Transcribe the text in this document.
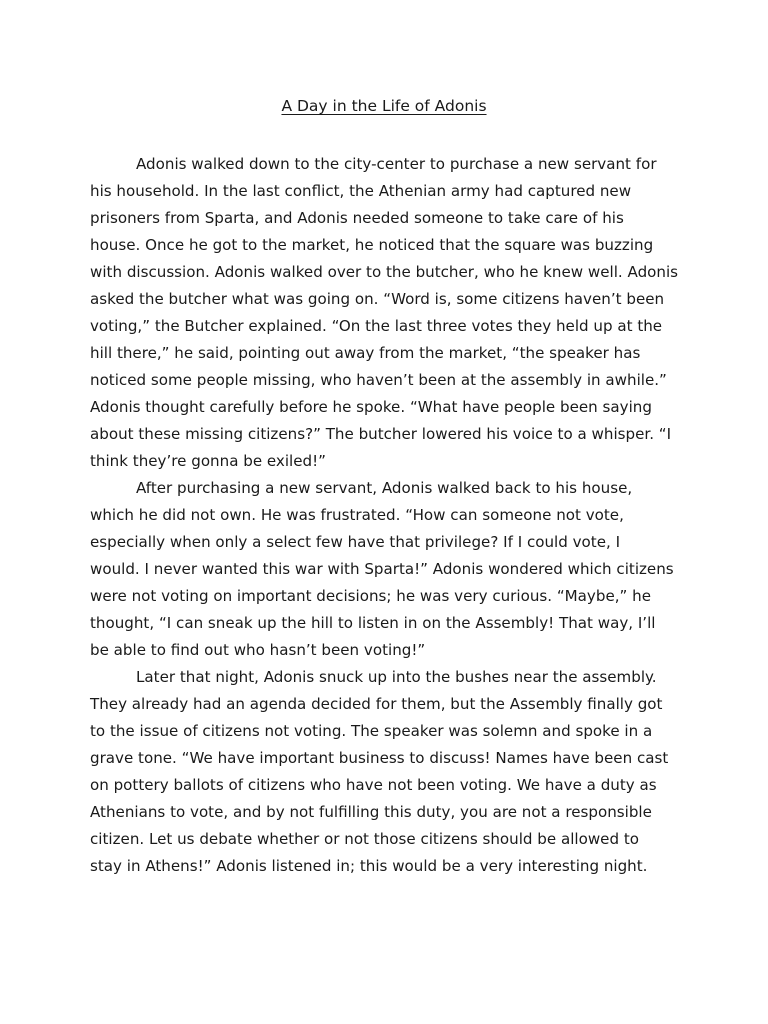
A Day in the Life of Adonis

Adonis walked down to the city-center to purchase a new servant for
his household. In the last conflict, the Athenian army had captured new
prisoners from Sparta, and Adonis needed someone to take care of his
house. Once he got to the market, he noticed that the square was buzzing
with discussion. Adonis walked over to the butcher, who he knew well. Adonis
asked the butcher what was going on. “Word is, some citizens haven’t been
voting,” the Butcher explained. “On the last three votes they held up at the
hill there,” he said, pointing out away from the market, “the speaker has
noticed some people missing, who haven’t been at the assembly in awhile.”
Adonis thought carefully before he spoke. “What have people been saying
about these missing citizens?” The butcher lowered his voice to a whisper. “I
think they’re gonna be exiled!”

After purchasing a new servant, Adonis walked back to his house,
which he did not own. He was frustrated. “How can someone not vote,
especially when only a select few have that privilege? If I could vote, I
would. I never wanted this war with Sparta!” Adonis wondered which citizens
were not voting on important decisions; he was very curious. “Maybe,” he
thought, “I can sneak up the hill to listen in on the Assembly! That way, I’ll
be able to find out who hasn’t been voting!”

Later that night, Adonis snuck up into the bushes near the assembly.
They already had an agenda decided for them, but the Assembly finally got
to the issue of citizens not voting. The speaker was solemn and spoke in a
grave tone. “We have important business to discuss! Names have been cast
on pottery ballots of citizens who have not been voting. We have a duty as
Athenians to vote, and by not fulfilling this duty, you are not a responsible
citizen. Let us debate whether or not those citizens should be allowed to
stay in Athens!” Adonis listened in; this would be a very interesting night.
